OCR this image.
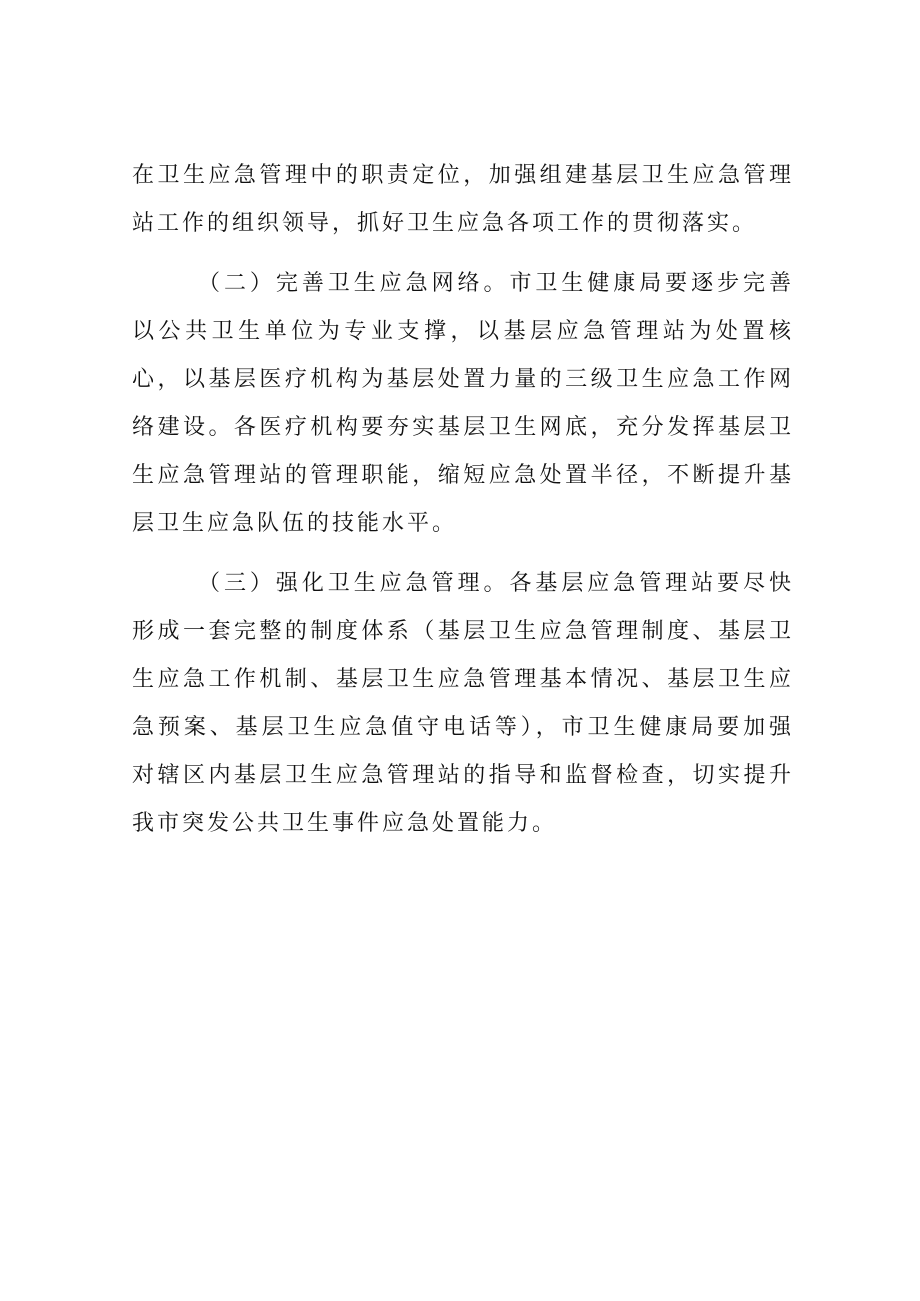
在卫生应急管理中的职责定位，加强组建基层卫生应急管理站工作的组织领导，抓好卫生应急各项工作的贯彻落实。

（二）完善卫生应急网络。市卫生健康局要逐步完善以公共卫生单位为专业支撑，以基层应急管理站为处置核心，以基层医疗机构为基层处置力量的三级卫生应急工作网络建设。各医疗机构要夯实基层卫生网底，充分发挥基层卫生应急管理站的管理职能，缩短应急处置半径，不断提升基层卫生应急队伍的技能水平。

（三）强化卫生应急管理。各基层应急管理站要尽快形成一套完整的制度体系（基层卫生应急管理制度、基层卫生应急工作机制、基层卫生应急管理基本情况、基层卫生应急预案、基层卫生应急值守电话等），市卫生健康局要加强对辖区内基层卫生应急管理站的指导和监督检查，切实提升我市突发公共卫生事件应急处置能力。
